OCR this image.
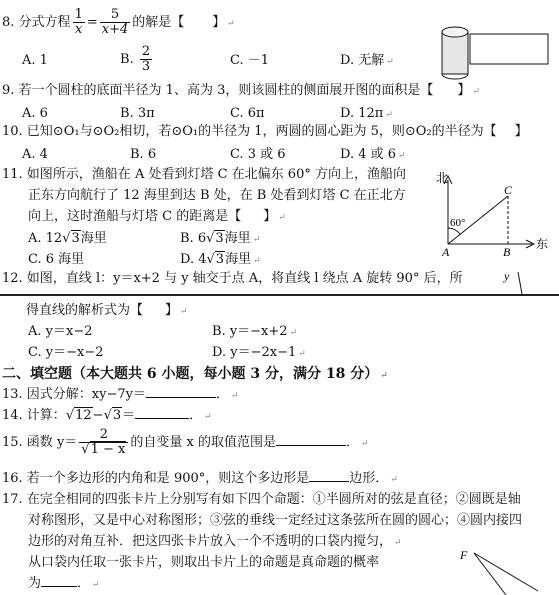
8. 分式方程 $\frac{1}{x} = \frac{5}{x+4}$ 的解是【 】 ↵
A. 1	B. $\frac{2}{3}$	C. －1	D. 无解 ↵
9. 若一个圆柱的底面半径为 1、高为 3，则该圆柱的侧面展开图的面积是【 】 ↵
A. 6	B. 3π	C. 6π	D. 12π ↵
10. 已知⊙O₁与⊙O₂相切，若⊙O₁的半径为 1，两圆的圆心距为 5，则⊙O₂的半径为【 】
A. 4	B. 6	C. 3 或 6	D. 4 或 6 ↵
11. 如图所示，渔船在 A 处看到灯塔 C 在北偏东 60° 方向上，渔船向
正东方向航行了 12 海里到达 B 处，在 B 处看到灯塔 C 在正北方
向上，这时渔船与灯塔 C 的距离是【 】 ↵
A. 12√3海里	B. 6√3海里 ↵
C. 6 海里	D. 4√3海里 ↵
北
东
60°
A	B
C
12. 如图，直线 l：y＝x+2 与 y 轴交于点 A，将直线 l 绕点 A 旋转 90° 后，所	y
得直线的解析式为【 】 ↵
A. y＝x−2	B. y＝−x+2 ↵
C. y＝−x−2	D. y＝−2x−1 ↵
二、填空题（本大题共 6 小题，每小题 3 分，满分 18 分） ↵
13. 因式分解：xy−7y＝	． ↵
14. 计算：√12−√3＝	． ↵
15. 函数 $y= \frac{2}{√1 - x}$ 的自变量 x 的取值范围是	． ↵
16. 若一个多边形的内角和是 900°，则这个多边形是	边形． ↵
17. 在完全相同的四张卡片上分别写有如下四个命题：①半圆所对的弦是直径；②圆既是轴
对称图形，又是中心对称图形；③弦的垂线一定经过这条弦所在圆的圆心；④圆内接四
边形的对角互补．把这四张卡片放入一个不透明的口袋内搅匀， ↵
从口袋内任取一张卡片，则取出卡片上的命题是真命题的概率
为	． ↵
F
